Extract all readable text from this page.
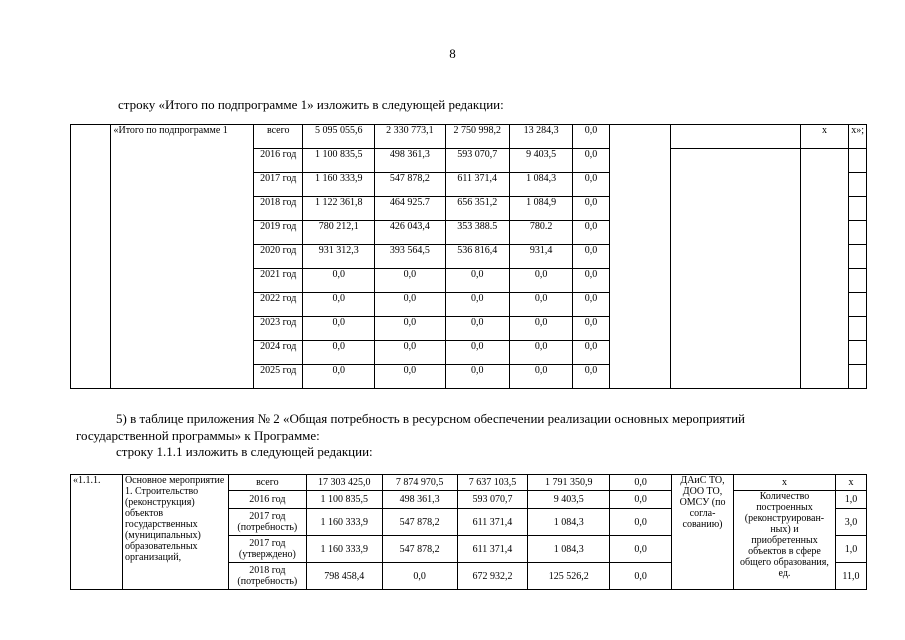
8
строку «Итого по подпрограмме 1» изложить в следующей редакции:
	«Итого по подпрограмме 1	всего	5 095 055,6	2 330 773,1	2 750 998,2	13 284,3	0,0			х	х»;
		2016 год	1 100 835,5	498 361,3	593 070,7	9 403,5	0,0				
		2017 год	1 160 333,9	547 878,2	611 371,4	1 084,3	0,0				
		2018 год	1 122 361,8	464 925.7	656 351,2	1 084,9	0,0				
		2019 год	780 212,1	426 043,4	353 388.5	780.2	0,0				
		2020 год	931 312,3	393 564,5	536 816,4	931,4	0,0				
		2021 год	0,0	0,0	0,0	0,0	0,0				
		2022 год	0,0	0,0	0,0	0,0	0,0				
		2023 год	0,0	0,0	0,0	0,0	0,0				
		2024 год	0,0	0,0	0,0	0,0	0,0				
		2025 год	0,0	0,0	0,0	0,0	0,0				
5) в таблице приложения № 2 «Общая потребность в ресурсном обеспечении реализации основных мероприятий
государственной программы» к Программе:
строку 1.1.1 изложить в следующей редакции:
«1.1.1.	Основное мероприятие 1. Строительство (реконструкция) объектов государственных (муниципальных) образовательных организаций,	всего	17 303 425,0	7 874 970,5	7 637 103,5	1 791 350,9	0,0	ДАиС ТО, ДОО ТО, ОМСУ (по согла-сованию)	х	х
		2016 год	1 100 835,5	498 361,3	593 070,7	9 403,5	0,0		Количество построенных (реконструирован-ных) и приобретенных объектов в сфере общего образования, ед.	1,0
		2017 год (потребность)	1 160 333,9	547 878,2	611 371,4	1 084,3	0,0			3,0
		2017 год (утверждено)	1 160 333,9	547 878,2	611 371,4	1 084,3	0,0			1,0
		2018 год (потребность)	798 458,4	0,0	672 932,2	125 526,2	0,0			11,0
